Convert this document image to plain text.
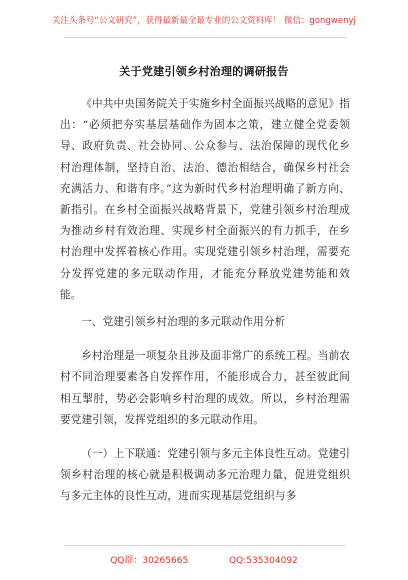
关注头条号“公文研究”，获得最新最全最专业的公文资料库！ 微信：gongwenyj
关于党建引领乡村治理的调研报告

《中共中央国务院关于实施乡村全面振兴战略的意见》指出：“必须把夯实基层基础作为固本之策，建立健全党委领导、政府负责、社会协同、公众参与、法治保障的现代化乡村治理体制，坚持自治、法治、德治相结合，确保乡村社会充满活力、和谐有序。”这为新时代乡村治理明确了新方向、新指引。在乡村全面振兴战略背景下，党建引领乡村治理成为推动乡村有效治理、实现乡村全面振兴的有力抓手，在乡村治理中发挥着核心作用。实现党建引领乡村治理，需要充分发挥党建的多元联动作用，才能充分释放党建势能和效能。

一、党建引领乡村治理的多元联动作用分析

乡村治理是一项复杂且涉及面非常广的系统工程。当前农村不同治理要素各自发挥作用，不能形成合力，甚至彼此间相互掣肘，势必会影响乡村治理的成效。所以，乡村治理需要党建引领，发挥党组织的多元联动作用。

（一）上下联通：党建引领与多元主体良性互动。党建引领乡村治理的核心就是积极调动多元治理力量，促进党组织与多元主体的良性互动，进而实现基层党组织与多

QQ群：30265665	QQ:535304092
